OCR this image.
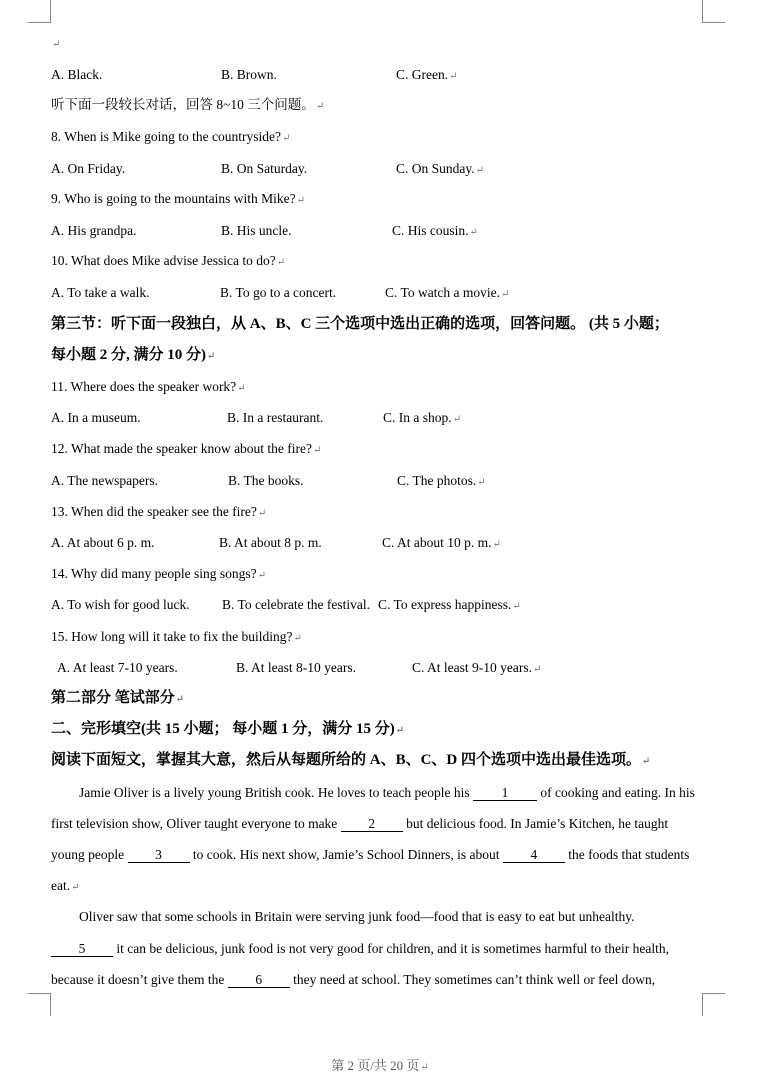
↵
A. Black.	B. Brown.	C. Green.↵
听下面一段较长对话，回答 8~10 三个问题。↵
8. When is Mike going to the countryside?↵
A. On Friday.	B. On Saturday.	C. On Sunday.↵
9. Who is going to the mountains with Mike?↵
A. His grandpa.	B. His uncle.	C. His cousin.↵
10. What does Mike advise Jessica to do?↵
A. To take a walk.	B. To go to a concert.	C. To watch a movie.↵
第三节：听下面一段独白，从 A、B、C 三个选项中选出正确的选项，回答问题。 (共 5 小题；
每小题 2 分, 满分 10 分)↵
11. Where does the speaker work?↵
A. In a museum.	B. In a restaurant.	C. In a shop.↵
12. What made the speaker know about the fire?↵
A. The newspapers.	B. The books.	C. The photos.↵
13. When did the speaker see the fire?↵
A. At about 6 p. m.	B. At about 8 p. m.	C. At about 10 p. m.↵
14. Why did many people sing songs?↵
A. To wish for good luck. B. To celebrate the festival. C. To express happiness.↵
15. How long will it take to fix the building?↵
A. At least 7-10 years.	B. At least 8-10 years.	C. At least 9-10 years.↵
第二部分 笔试部分↵
二、完形填空(共 15 小题； 每小题 1 分，满分 15 分)↵
阅读下面短文，掌握其大意，然后从每题所给的 A、B、C、D 四个选项中选出最佳选项。↵
Jamie Oliver is a lively young British cook. He loves to teach people his 1 of cooking and eating. In his
first television show, Oliver taught everyone to make 2 but delicious food. In Jamie’s Kitchen, he taught
young people 3 to cook. His next show, Jamie’s School Dinners, is about 4 the foods that students
eat.↵
Oliver saw that some schools in Britain were serving junk food—food that is easy to eat but unhealthy.
5 it can be delicious, junk food is not very good for children, and it is sometimes harmful to their health,
because it doesn’t give them the 6 they need at school. They sometimes can’t think well or feel down,
第 2 页/共 20 页↵
